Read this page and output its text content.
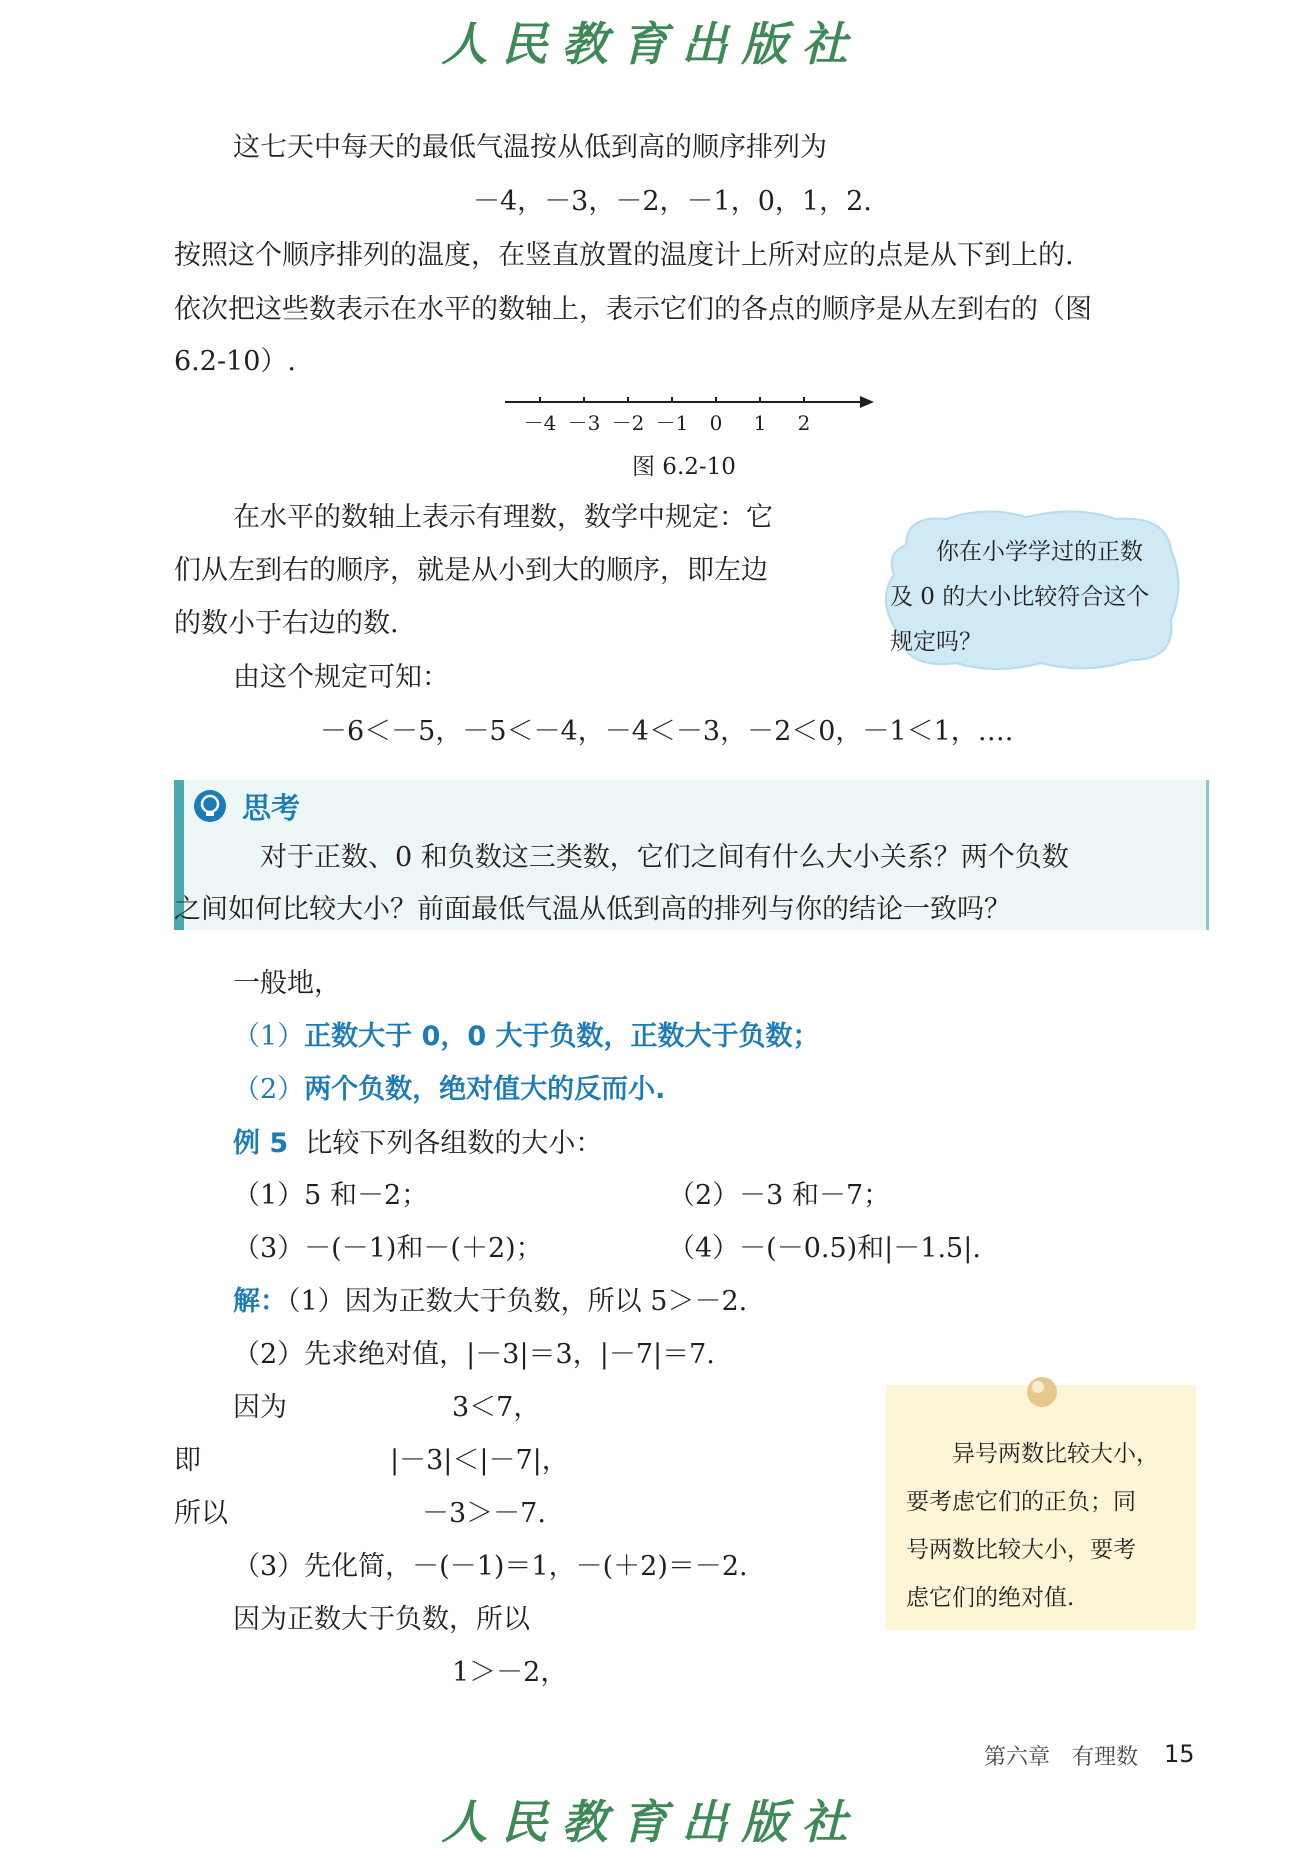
人民教育出版社
这七天中每天的最低气温按从低到高的顺序排列为
－4，－3，－2，－1，0，1，2.
按照这个顺序排列的温度，在竖直放置的温度计上所对应的点是从下到上的.
依次把这些数表示在水平的数轴上，表示它们的各点的顺序是从左到右的（图
6.2-10）.
－4 －3 －2 －1 0 1 2
图 6.2-10
在水平的数轴上表示有理数，数学中规定：它
们从左到右的顺序，就是从小到大的顺序，即左边
的数小于右边的数.
你在小学学过的正数
及 0 的大小比较符合这个
规定吗？
由这个规定可知：
－6＜－5，－5＜－4，－4＜－3，－2＜0，－1＜1，….
思考
对于正数、0 和负数这三类数，它们之间有什么大小关系？两个负数
之间如何比较大小？前面最低气温从低到高的排列与你的结论一致吗？
一般地，
（1）正数大于 0，0 大于负数，正数大于负数；
（2）两个负数，绝对值大的反而小.
例 5 比较下列各组数的大小：
（1）5 和－2；	（2）－3 和－7；
（3）－(－1)和－(＋2)；	（4）－(－0.5)和|－1.5|.
解：（1）因为正数大于负数，所以 5＞－2.
（2）先求绝对值，|－3|＝3，|－7|＝7.
因为	3＜7，
即	|－3|＜|－7|，
所以	－3＞－7.
（3）先化简，－(－1)＝1，－(＋2)＝－2.
因为正数大于负数，所以
1＞－2，
异号两数比较大小，
要考虑它们的正负；同
号两数比较大小，要考
虑它们的绝对值.
第六章　有理数 15
人民教育出版社
